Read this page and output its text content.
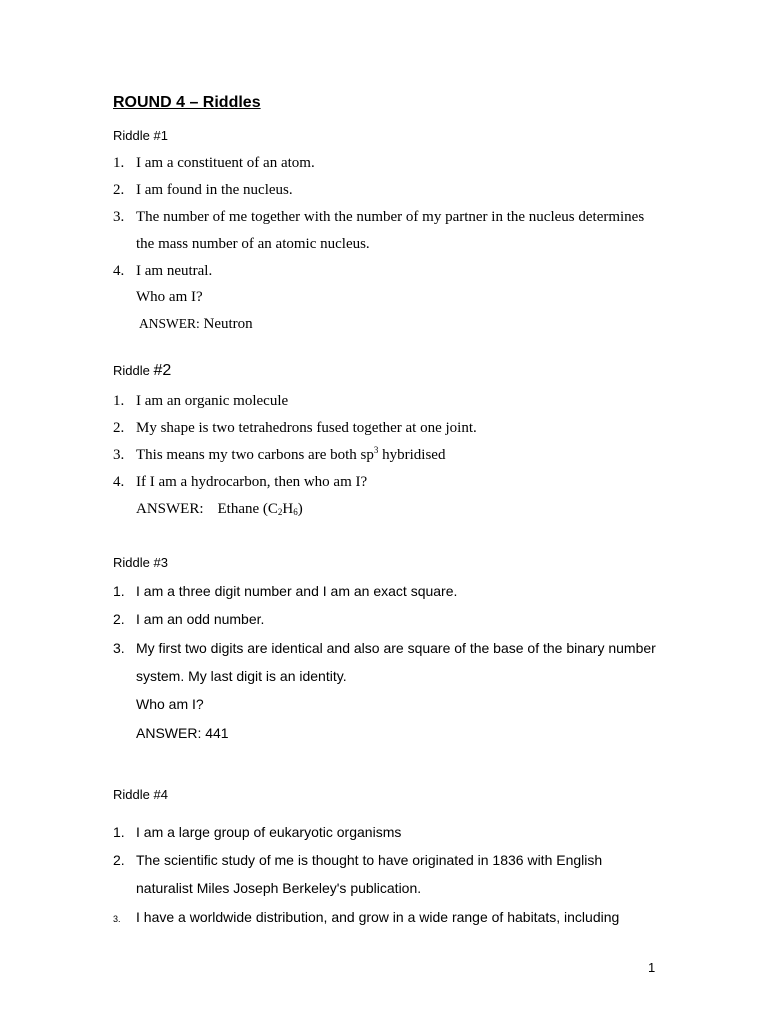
ROUND 4 – Riddles
Riddle #1
1. I am a constituent of an atom.
2. I am found in the nucleus.
3. The number of me together with the number of my partner in the nucleus determines
the mass number of an atomic nucleus.
4. I am neutral.
Who am I?
ANSWER: Neutron
Riddle #2
1. I am an organic molecule
2. My shape is two tetrahedrons fused together at one joint.
3. This means my two carbons are both $sp^3$ hybridised
4. If I am a hydrocarbon, then who am I?
ANSWER: Ethane $(C_2H_6)$
Riddle #3
1. I am a three digit number and I am an exact square.
2. I am an odd number.
3. My first two digits are identical and also are square of the base of the binary number
system. My last digit is an identity.
Who am I?
ANSWER: 441
Riddle #4
1. I am a large group of eukaryotic organisms
2. The scientific study of me is thought to have originated in 1836 with English
naturalist Miles Joseph Berkeley's publication.
3.	I have a worldwide distribution, and grow in a wide range of habitats, including
1
